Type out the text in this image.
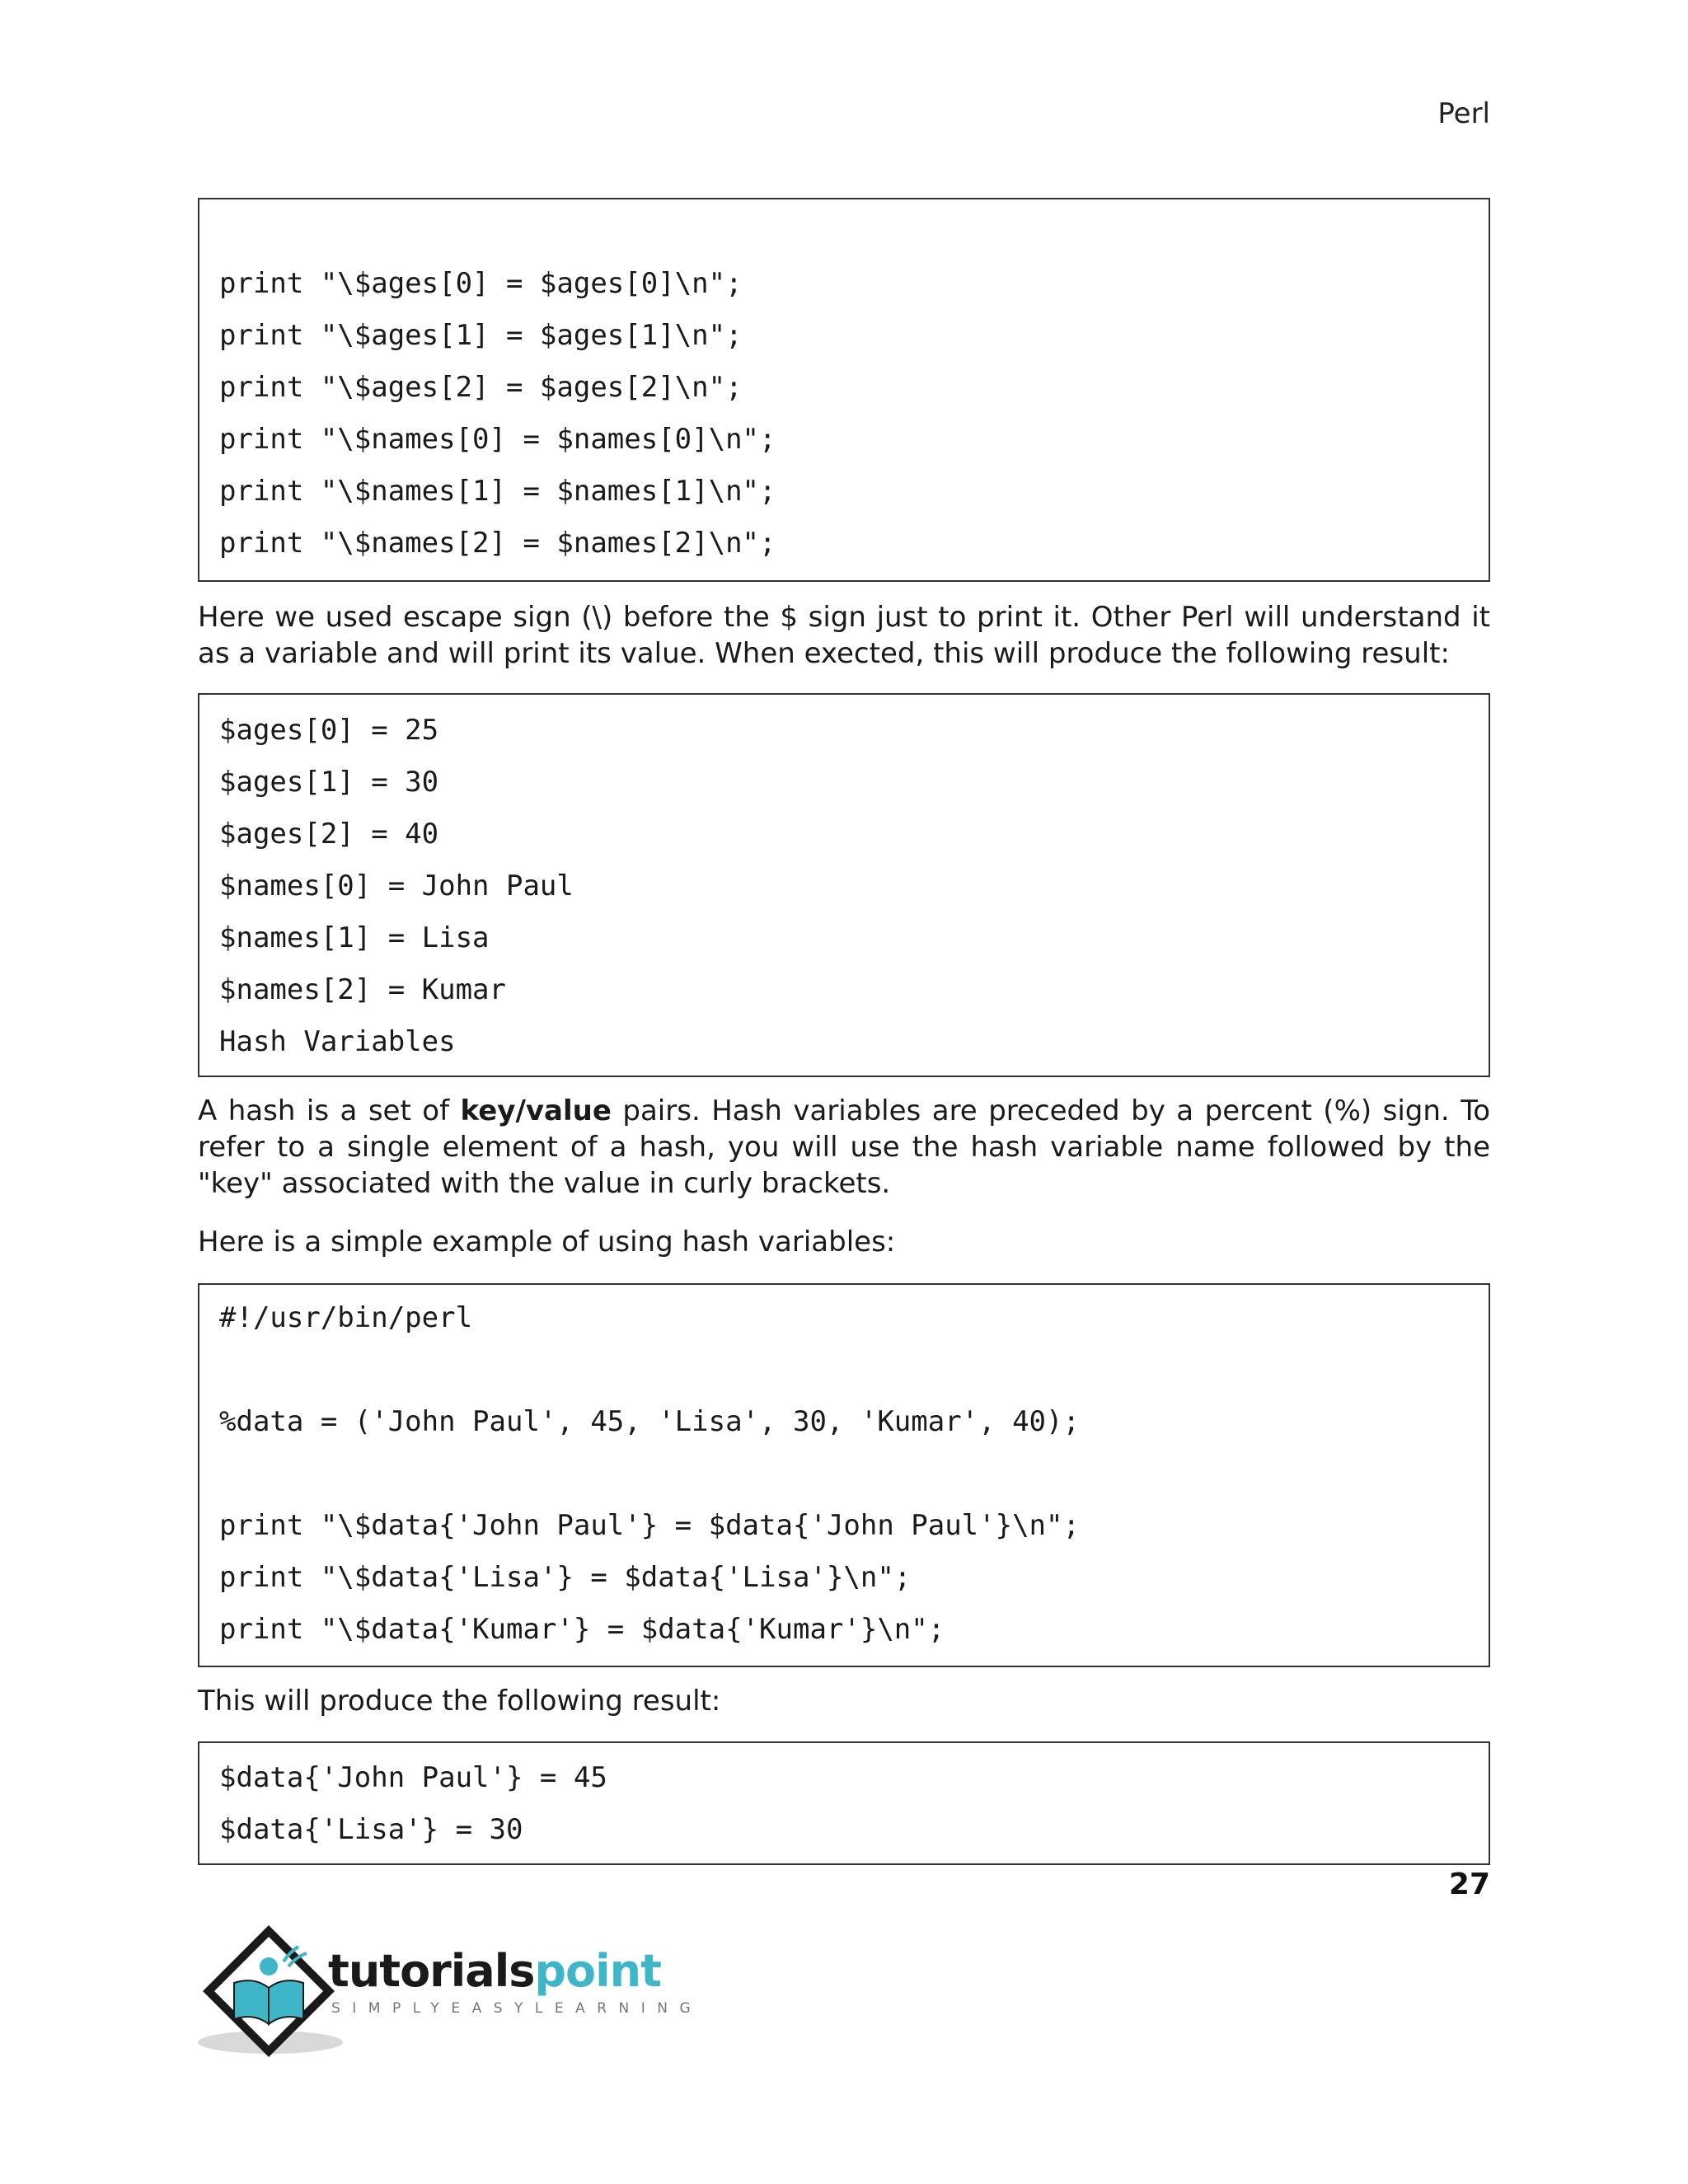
Perl
print "\$ages[0] = $ages[0]\n";
print "\$ages[1] = $ages[1]\n";
print "\$ages[2] = $ages[2]\n";
print "\$names[0] = $names[0]\n";
print "\$names[1] = $names[1]\n";
print "\$names[2] = $names[2]\n";
Here we used escape sign (\) before the $ sign just to print it. Other Perl will understand it as a variable and will print its value. When exected, this will produce the following result:
$ages[0] = 25
$ages[1] = 30
$ages[2] = 40
$names[0] = John Paul
$names[1] = Lisa
$names[2] = Kumar
Hash Variables
A hash is a set of key/value pairs. Hash variables are preceded by a percent (%) sign. To refer to a single element of a hash, you will use the hash variable name followed by the "key" associated with the value in curly brackets.
Here is a simple example of using hash variables:
#!/usr/bin/perl
%data = ('John Paul', 45, 'Lisa', 30, 'Kumar', 40);
print "\$data{'John Paul'} = $data{'John Paul'}\n";
print "\$data{'Lisa'} = $data{'Lisa'}\n";
print "\$data{'Kumar'} = $data{'Kumar'}\n";
This will produce the following result:
$data{'John Paul'} = 45
$data{'Lisa'} = 30
27
tutorialspoint
SIMPLYEASYLEARNING
